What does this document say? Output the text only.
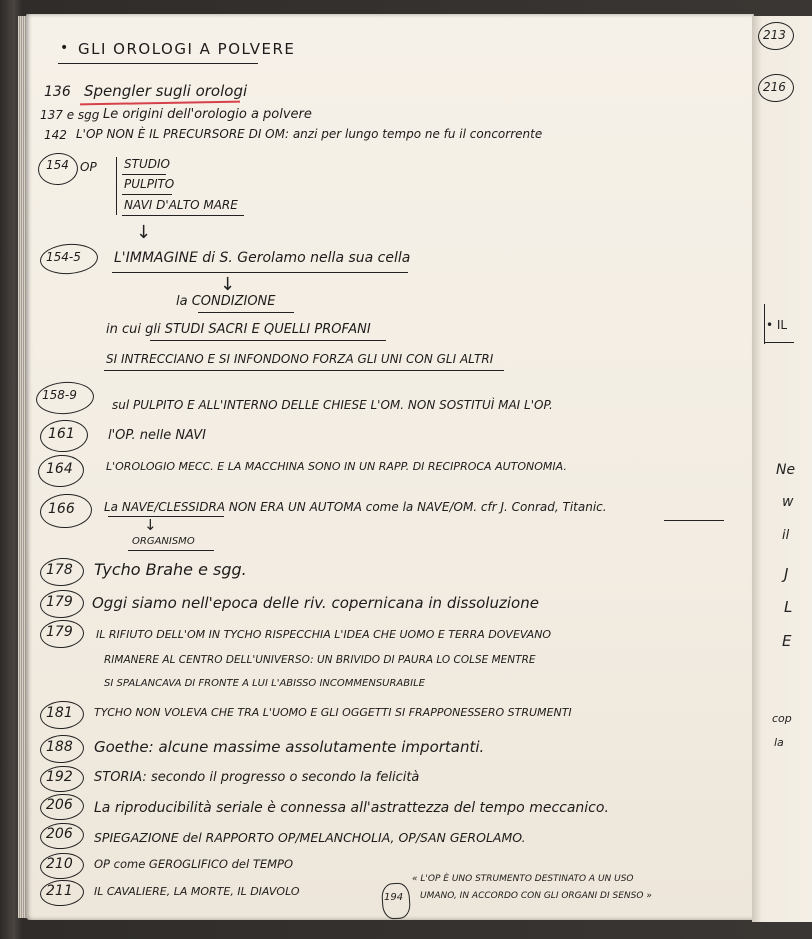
• GLI OROLOGI A POLVERE
136 Spengler sugli orologi
137 e sgg Le origini dell'orologio a polvere
142 L'OP NON È IL PRECURSORE DI OM: anzi per lungo tempo ne fu il concorrente
154 OP STUDIO
PULPITO
NAVI D'ALTO MARE
↓
154-5 L'IMMAGINE di S. Gerolamo nella sua cella
↓
la CONDIZIONE
in cui gli STUDI SACRI E QUELLI PROFANI
SI INTRECCIANO E SI INFONDONO FORZA GLI UNI CON GLI ALTRI
158-9
sul PULPITO E ALL'INTERNO DELLE CHIESE L'OM. NON SOSTITUÌ MAI L'OP.
161	l'OP. nelle NAVI
164	L'OROLOGIO MECC. E LA MACCHINA SONO IN UN RAPP. DI RECIPROCA AUTONOMIA.
166 La NAVE/CLESSIDRA NON ERA UN AUTOMA come la NAVE/OM. cfr J. Conrad, Titanic.
↓
ORGANISMO
178 Tycho Brahe e sgg.
179 Oggi siamo nell'epoca delle riv. copernicana in dissoluzione
179 IL RIFIUTO DELL'OM IN TYCHO RISPECCHIA L'IDEA CHE UOMO E TERRA DOVEVANO
RIMANERE AL CENTRO DELL'UNIVERSO: UN BRIVIDO DI PAURA LO COLSE MENTRE
SI SPALANCAVA DI FRONTE A LUI L'ABISSO INCOMMENSURABILE
181 TYCHO NON VOLEVA CHE TRA L'UOMO E GLI OGGETTI SI FRAPPONESSERO STRUMENTI
188 Goethe: alcune massime assolutamente importanti.
192 STORIA: secondo il progresso o secondo la felicità
206 La riproducibilità seriale è connessa all'astrattezza del tempo meccanico.
206 SPIEGAZIONE del RAPPORTO OP/MELANCHOLIA, OP/SAN GEROLAMO.
210 OP come GEROGLIFICO del TEMPO
211 IL CAVALIERE, LA MORTE, IL DIAVOLO	194
« L'OP È UNO STRUMENTO DESTINATO A UN USO
UMANO, IN ACCORDO CON GLI ORGANI DI SENSO »
213
216
• IL
Ne
w
il
J
L
E
cop
la
